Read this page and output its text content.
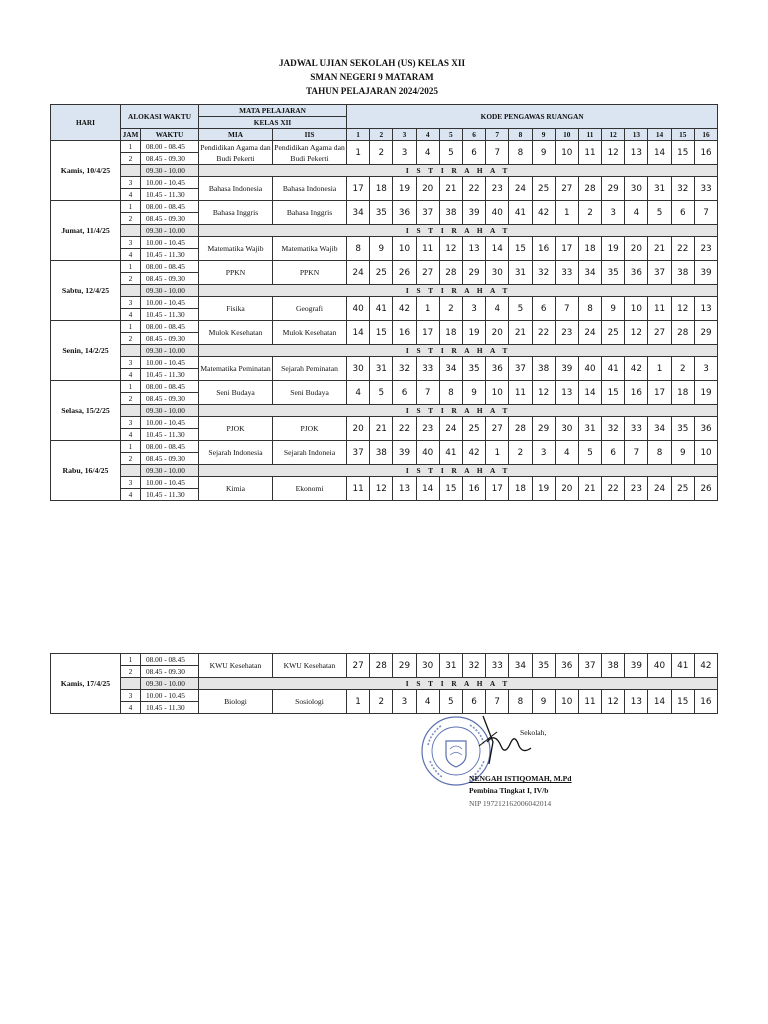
JADWAL UJIAN SEKOLAH (US) KELAS XII
SMAN NEGERI 9 MATARAM
TAHUN PELAJARAN 2024/2025
HARI	ALOKASI WAKTU		MATA PELAJARAN		KODE PENGAWAS RUANGAN															
			KELAS XII																	
	JAM	WAKTU	MIA	IIS	1	2	3	4	5	6	7	8	9	10	11	12	13	14	15	16
Kamis, 10/4/25	1	08.00 - 08.45	Pendidikan Agama dan Budi Pekerti	Pendidikan Agama dan Budi Pekerti	1	2	3	4	5	6	7	8	9	10	11	12	13	14	15	16
	2	08.45 - 09.30																		
		09.30 - 10.00	I S T I R A H A T																	
	3	10.00 - 10.45	Bahasa Indonesia	Bahasa Indonesia	17	18	19	20	21	22	23	24	25	27	28	29	30	31	32	33
	4	10.45 - 11.30																		
Jumat, 11/4/25	1	08.00 - 08.45	Bahasa Inggris	Bahasa Inggris	34	35	36	37	38	39	40	41	42	1	2	3	4	5	6	7
	2	08.45 - 09.30																		
		09.30 - 10.00	I S T I R A H A T																	
	3	10.00 - 10.45	Matematika Wajib	Matematika Wajib	8	9	10	11	12	13	14	15	16	17	18	19	20	21	22	23
	4	10.45 - 11.30																		
Sabtu, 12/4/25	1	08.00 - 08.45	PPKN	PPKN	24	25	26	27	28	29	30	31	32	33	34	35	36	37	38	39
	2	08.45 - 09.30																		
		09.30 - 10.00	I S T I R A H A T																	
	3	10.00 - 10.45	Fisika	Geografi	40	41	42	1	2	3	4	5	6	7	8	9	10	11	12	13
	4	10.45 - 11.30																		
Senin, 14/2/25	1	08.00 - 08.45	Mulok Kesehatan	Mulok Kesehatan	14	15	16	17	18	19	20	21	22	23	24	25	12	27	28	29
	2	08.45 - 09.30																		
		09.30 - 10.00	I S T I R A H A T																	
	3	10.00 - 10.45	Matematika Peminatan	Sejarah Peminatan	30	31	32	33	34	35	36	37	38	39	40	41	42	1	2	3
	4	10.45 - 11.30																		
Selasa, 15/2/25	1	08.00 - 08.45	Seni Budaya	Seni Budaya	4	5	6	7	8	9	10	11	12	13	14	15	16	17	18	19
	2	08.45 - 09.30																		
		09.30 - 10.00	I S T I R A H A T																	
	3	10.00 - 10.45	PJOK	PJOK	20	21	22	23	24	25	27	28	29	30	31	32	33	34	35	36
	4	10.45 - 11.30																		
Rabu, 16/4/25	1	08.00 - 08.45	Sejarah Indonesia	Sejarah Indoneia	37	38	39	40	41	42	1	2	3	4	5	6	7	8	9	10
	2	08.45 - 09.30																		
		09.30 - 10.00	I S T I R A H A T																	
	3	10.00 - 10.45	Kimia	Ekonomi	11	12	13	14	15	16	17	18	19	20	21	22	23	24	25	26
	4	10.45 - 11.30																		
Kamis, 17/4/25	1	08.00 - 08.45	KWU Kesehatan	KWU Kesehatan	27	28	29	30	31	32	33	34	35	36	37	38	39	40	41	42
	2	08.45 - 09.30																		
		09.30 - 10.00	I S T I R A H A T																	
	3	10.00 - 10.45	Biologi	Sosiologi	1	2	3	4	5	6	7	8	9	10	11	12	13	14	15	16
	4	10.45 - 11.30																		
Sekolah,
NENGAH ISTIQOMAH, M.Pd
Pembina Tingkat I, IV/b
NIP 197212162006042014
